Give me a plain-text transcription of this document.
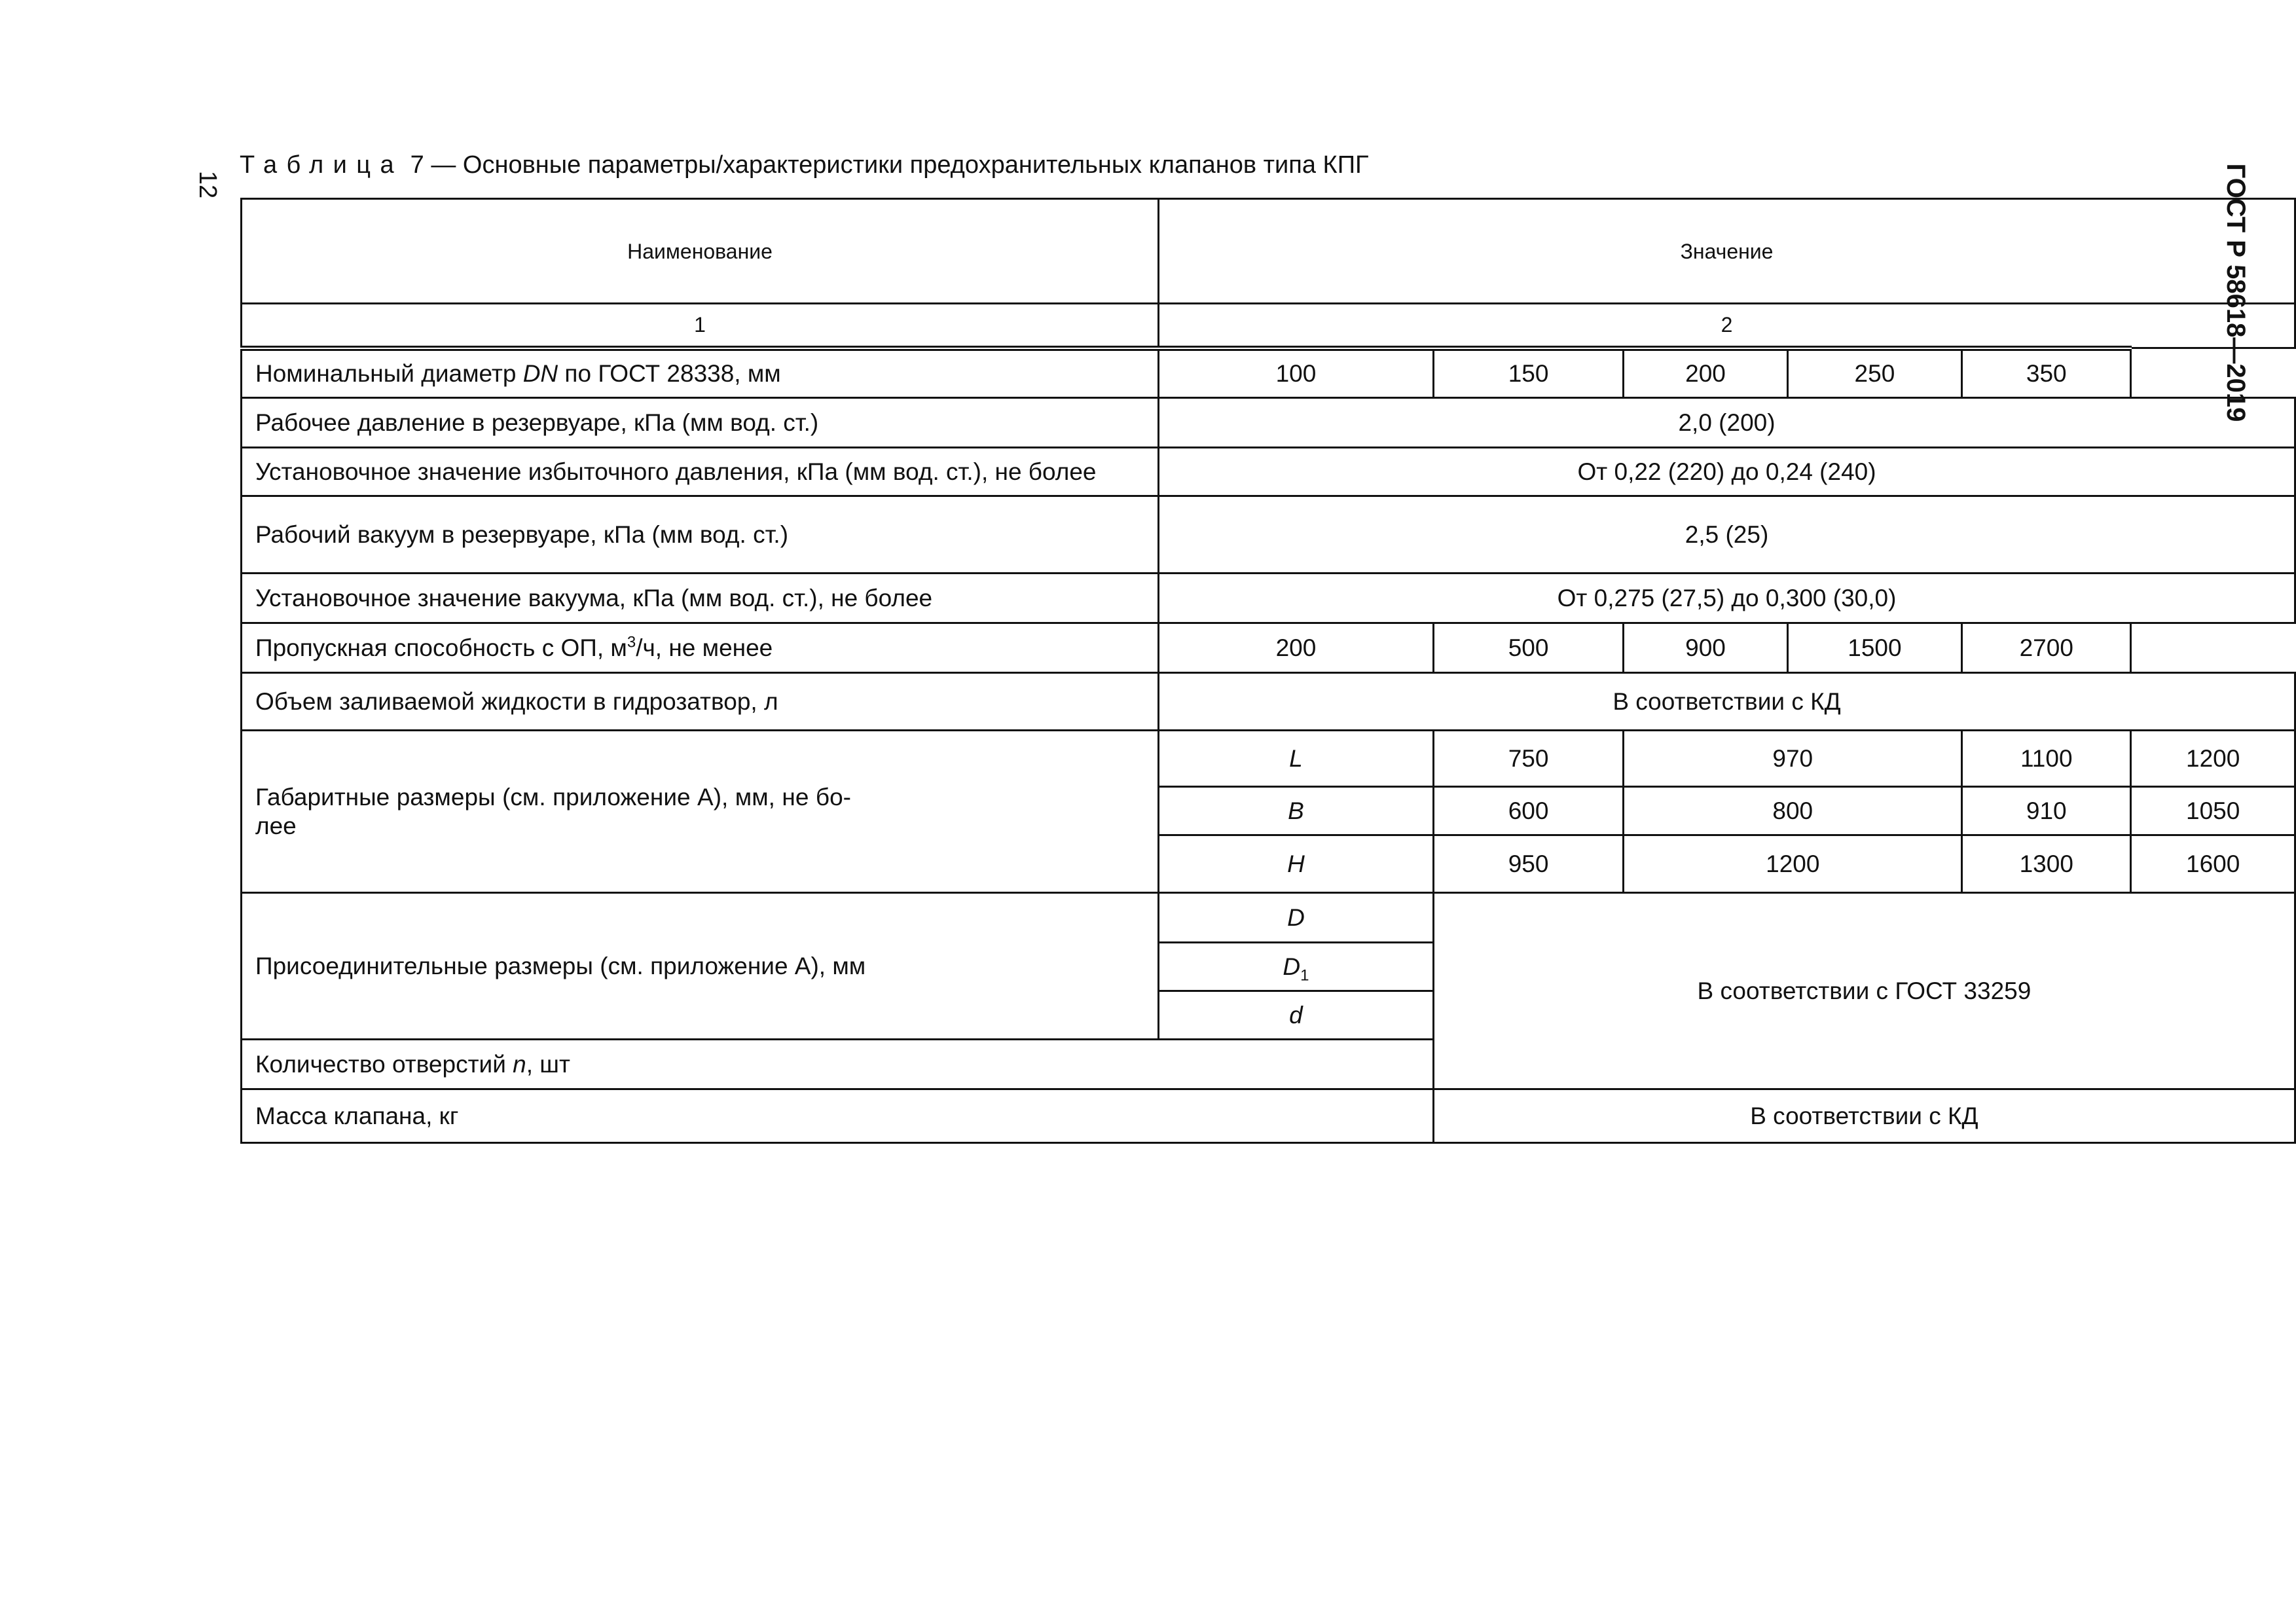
12	ГОСТ Р 58618—2019
Таблица 7 — Основные параметры/характеристики предохранительных клапанов типа КПГ
Наименование	Значение					
1	2					
Номинальный диаметр DN по ГОСТ 28338, мм	100	150	200	250	350	
Рабочее давление в резервуаре, кПа (мм вод. ст.)	2,0 (200)					
Установочное значение избыточного давления, кПа (мм вод. ст.), не более	От 0,22 (220) до 0,24 (240)					
Рабочий вакуум в резервуаре, кПа (мм вод. ст.)	2,5 (25)					
Установочное значение вакуума, кПа (мм вод. ст.), не более	От 0,275 (27,5) до 0,300 (30,0)					
Пропускная способность с ОП, $м^3/ч$, не менее	200	500	900	1500	2700	
Объем заливаемой жидкости в гидрозатвор, л	В соответствии с КД					

Габаритные размеры (см. приложение А), мм, не бо-лее	L	750	970		1100	1200
	B	600	800		910	1050
	H	950	1200		1300	1600
Присоединительные размеры (см. приложение А), мм	D	В соответствии с ГОСТ 33259				
	$D_1$
	d					
Количество отверстий n, шт						
Масса клапана, кг		В соответствии с КД				
